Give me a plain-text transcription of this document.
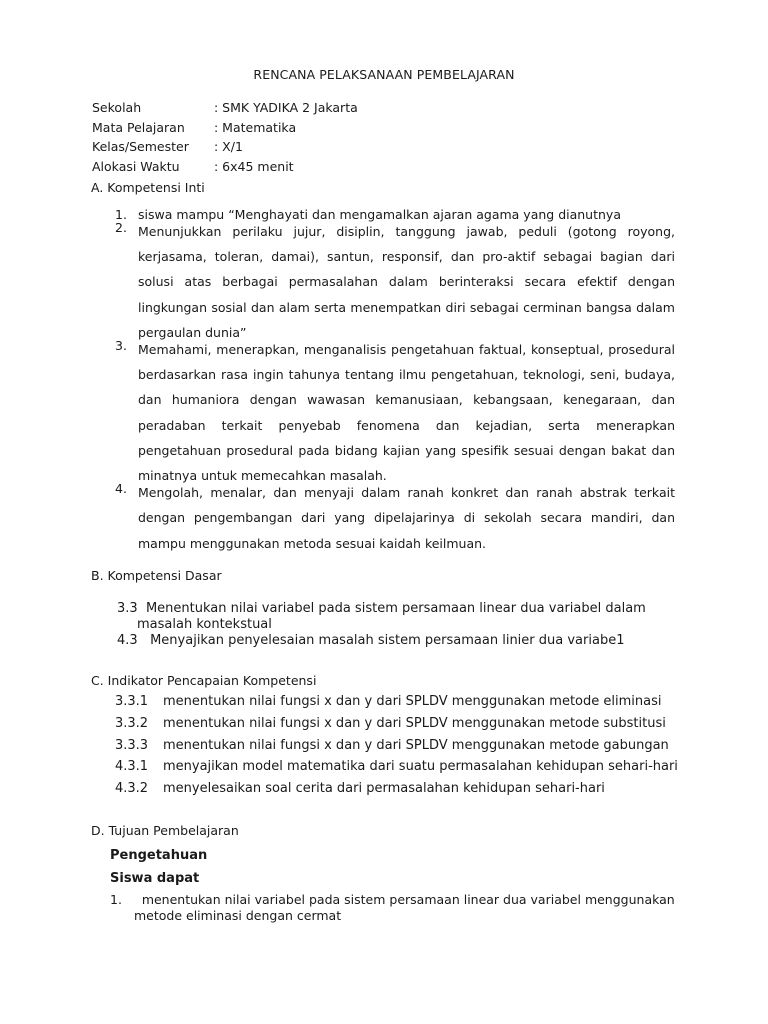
RENCANA PELAKSANAAN PEMBELAJARAN
Sekolah	: SMK YADIKA 2 Jakarta
Mata Pelajaran : Matematika
Kelas/Semester : X/1
Alokasi Waktu	: 6x45 menit
A. Kompetensi Inti
1. siswa mampu “Menghayati dan mengamalkan ajaran agama yang dianutnya
2. Menunjukkan perilaku jujur, disiplin, tanggung jawab, peduli (gotong royong, kerjasama, toleran, damai), santun, responsif, dan pro-aktif sebagai bagian dari solusi atas berbagai permasalahan dalam berinteraksi secara efektif dengan lingkungan sosial dan alam serta menempatkan diri sebagai cerminan bangsa dalam pergaulan dunia”
3. Memahami, menerapkan, menganalisis pengetahuan faktual, konseptual, prosedural berdasarkan rasa ingin tahunya tentang ilmu pengetahuan, teknologi, seni, budaya, dan humaniora dengan wawasan kemanusiaan, kebangsaan, kenegaraan, dan peradaban terkait penyebab fenomena dan kejadian, serta menerapkan pengetahuan prosedural pada bidang kajian yang spesifik sesuai dengan bakat dan minatnya untuk memecahkan masalah.
4. Mengolah, menalar, dan menyaji dalam ranah konkret dan ranah abstrak terkait dengan pengembangan dari yang dipelajarinya di sekolah secara mandiri, dan mampu menggunakan metoda sesuai kaidah keilmuan.
B. Kompetensi Dasar
3.3 Menentukan nilai variabel pada sistem persamaan linear dua variabel dalam
masalah kontekstual
4.3 Menyajikan penyelesaian masalah sistem persamaan linier dua variabe1
C. Indikator Pencapaian Kompetensi
3.3.1 menentukan nilai fungsi x dan y dari SPLDV menggunakan metode eliminasi
3.3.2 menentukan nilai fungsi x dan y dari SPLDV menggunakan metode substitusi
3.3.3 menentukan nilai fungsi x dan y dari SPLDV menggunakan metode gabungan
4.3.1 menyajikan model matematika dari suatu permasalahan kehidupan sehari-hari
4.3.2 menyelesaikan soal cerita dari permasalahan kehidupan sehari-hari
D. Tujuan Pembelajaran
Pengetahuan
Siswa dapat
1. menentukan nilai variabel pada sistem persamaan linear dua variabel menggunakan
metode eliminasi dengan cermat
